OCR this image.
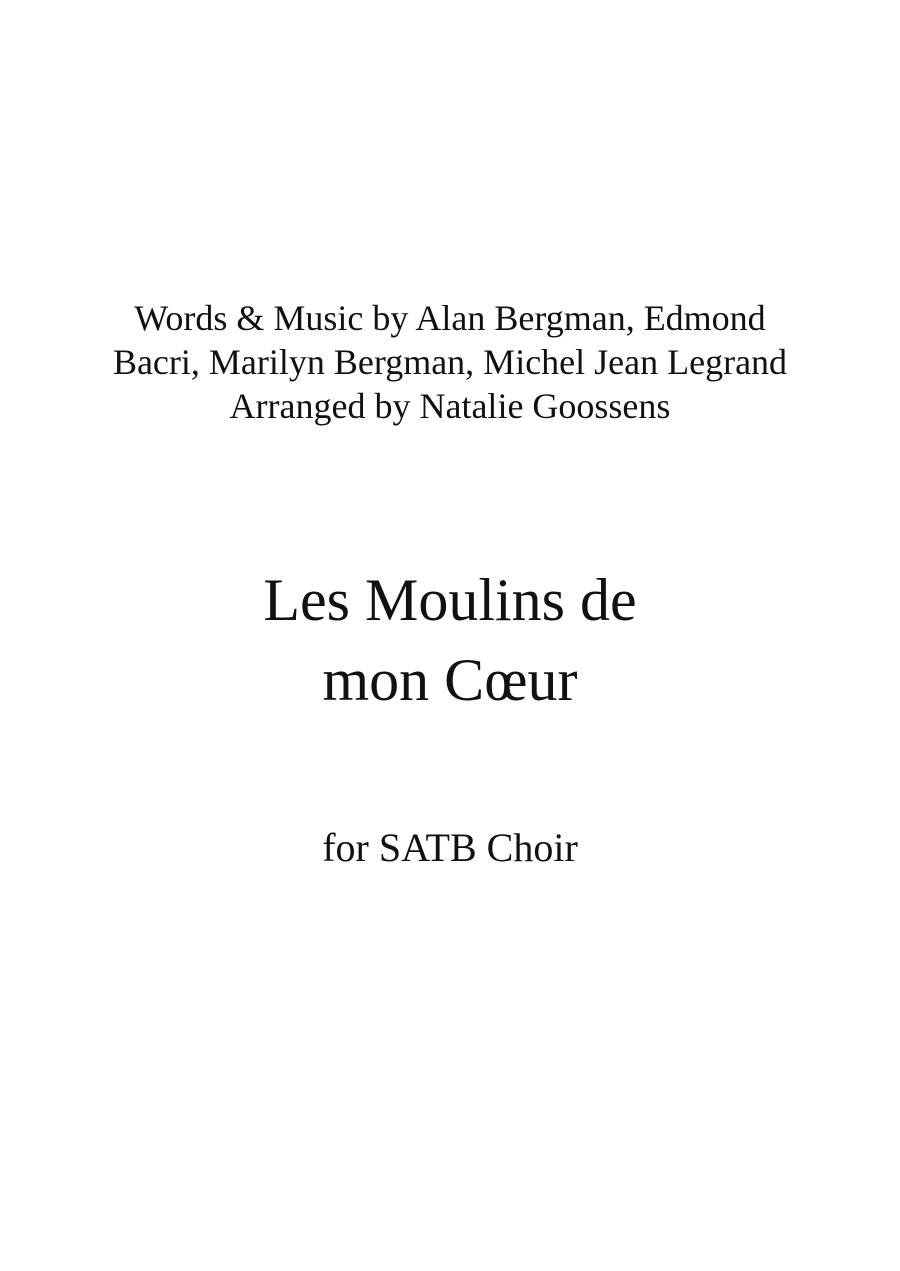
Words & Music by Alan Bergman, Edmond
Bacri, Marilyn Bergman, Michel Jean Legrand
Arranged by Natalie Goossens
Les Moulins de
mon Cœur
for SATB Choir
